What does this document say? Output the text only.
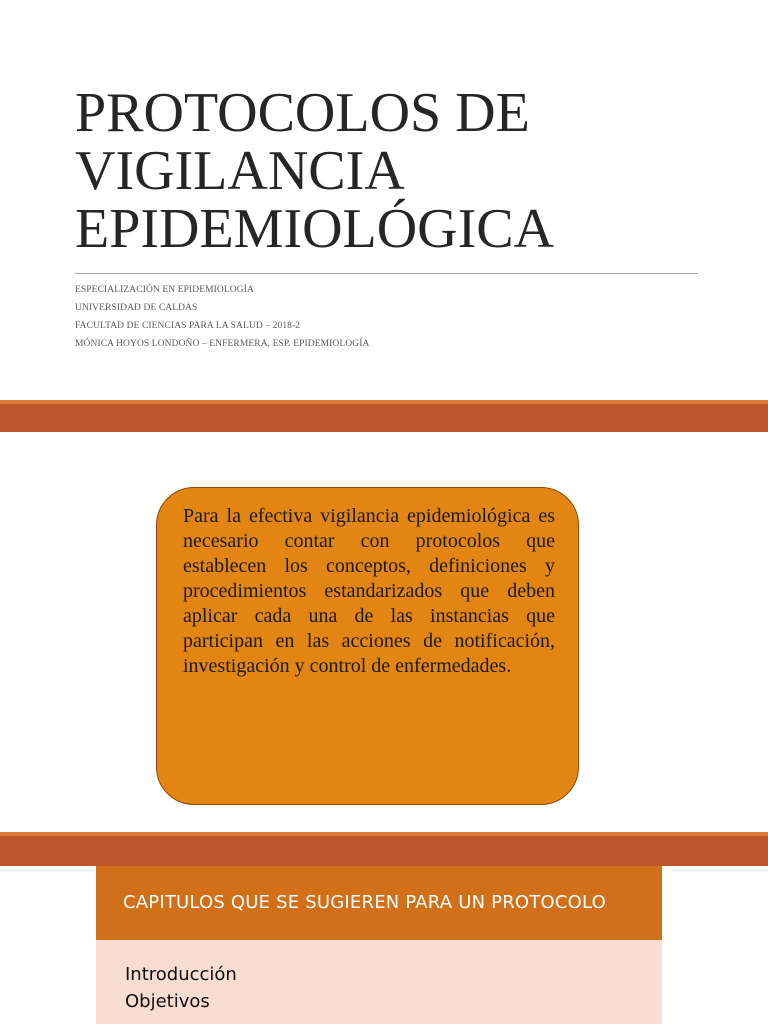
PROTOCOLOS DE
VIGILANCIA
EPIDEMIOLÓGICA
ESPECIALIZACIÓN EN EPIDEMIOLOGÍA
UNIVERSIDAD DE CALDAS
FACULTAD DE CIENCIAS PARA LA SALUD – 2018-2
MÓNICA HOYOS LONDOÑO – ENFERMERA, ESP. EPIDEMIOLOGÍA

Para la efectiva vigilancia epidemiológica es necesario contar con protocolos que establecen los conceptos, definiciones y procedimientos estandarizados que deben aplicar cada una de las instancias que participan en las acciones de notificación, investigación y control de enfermedades.

CAPITULOS QUE SE SUGIEREN PARA UN PROTOCOLO
Introducción
Objetivos
